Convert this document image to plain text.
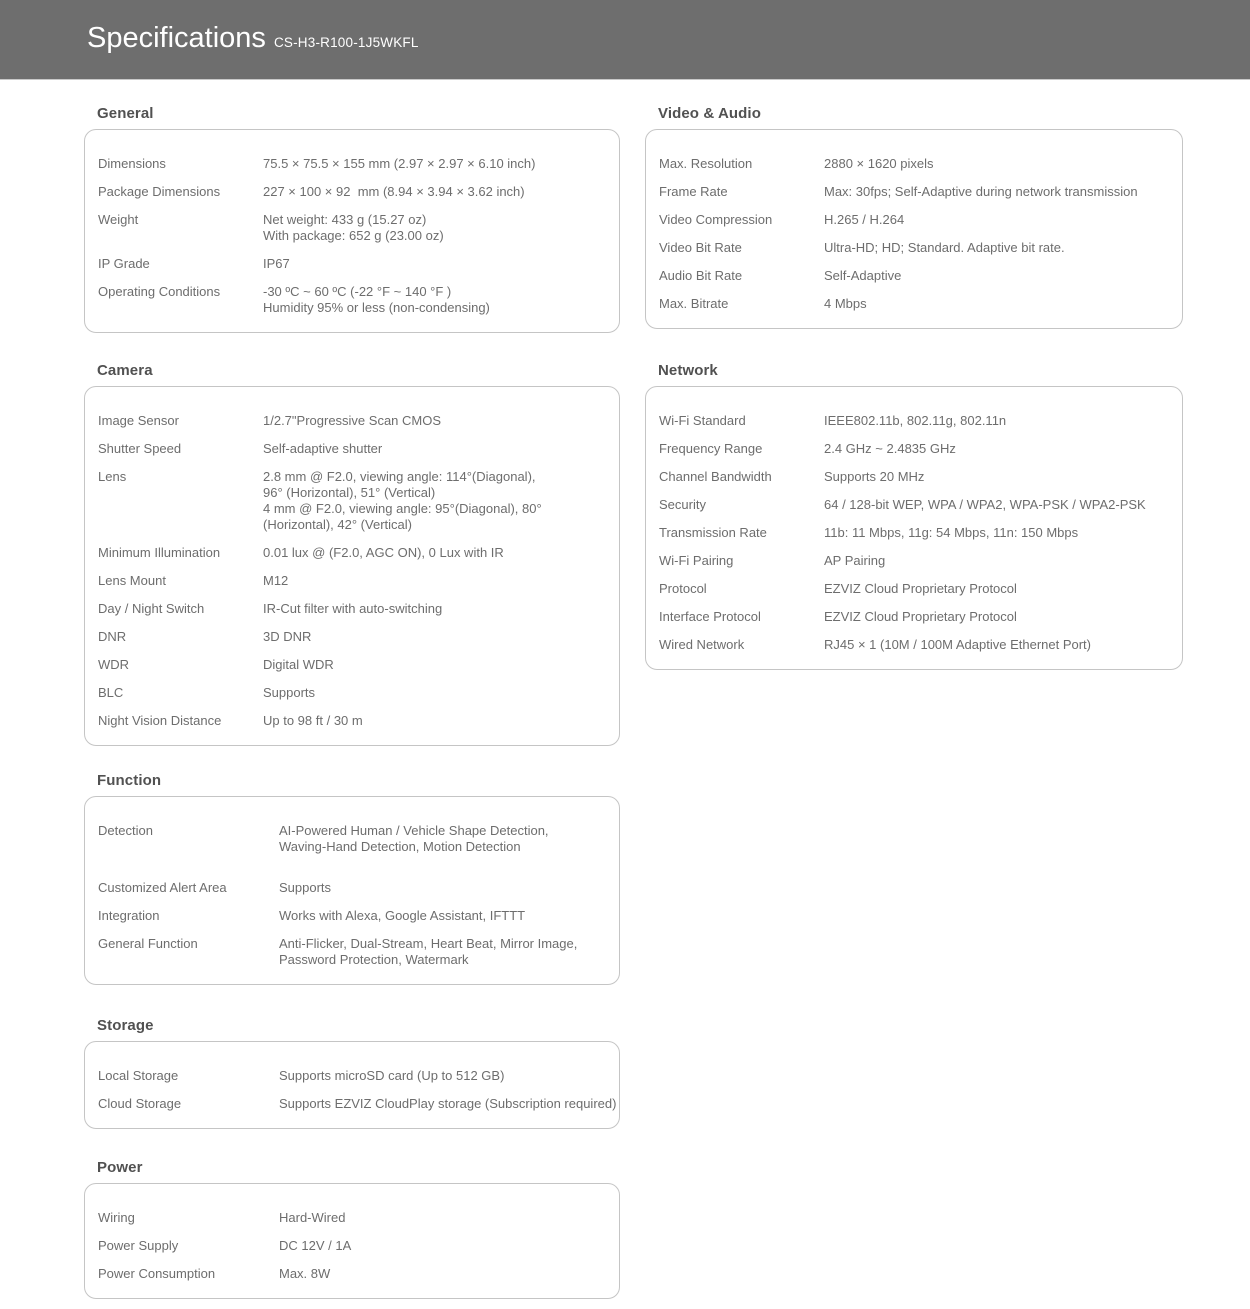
Specifications CS-H3-R100-1J5WKFL
General
Dimensions	75.5 × 75.5 × 155 mm (2.97 × 2.97 × 6.10 inch)
Package Dimensions	227 × 100 × 92  mm (8.94 × 3.94 × 3.62 inch)
Weight	Net weight: 433 g (15.27 oz)
With package: 652 g (23.00 oz)
IP Grade	IP67
Operating Conditions	-30 ºC ~ 60 ºC (-22 °F ~ 140 °F )
Humidity 95% or less (non-condensing)
Video & Audio
Max. Resolution	2880 × 1620 pixels
Frame Rate	Max: 30fps; Self-Adaptive during network transmission
Video Compression	H.265 / H.264
Video Bit Rate	Ultra-HD; HD; Standard. Adaptive bit rate.
Audio Bit Rate	Self-Adaptive
Max. Bitrate	4 Mbps
Camera
Image Sensor	1/2.7"Progressive Scan CMOS
Shutter Speed	Self-adaptive shutter
Lens	2.8 mm @ F2.0, viewing angle: 114°(Diagonal),
96° (Horizontal), 51° (Vertical)
4 mm @ F2.0, viewing angle: 95°(Diagonal), 80°
(Horizontal), 42° (Vertical)
Minimum Illumination	0.01 lux @ (F2.0, AGC ON), 0 Lux with IR
Lens Mount	M12
Day / Night Switch	IR-Cut filter with auto-switching
DNR	3D DNR
WDR	Digital WDR
BLC	Supports
Night Vision Distance	Up to 98 ft / 30 m
Network
Wi-Fi Standard	IEEE802.11b, 802.11g, 802.11n
Frequency Range	2.4 GHz ~ 2.4835 GHz
Channel Bandwidth	Supports 20 MHz
Security	64 / 128-bit WEP, WPA / WPA2, WPA-PSK / WPA2-PSK
Transmission Rate	11b: 11 Mbps, 11g: 54 Mbps, 11n: 150 Mbps
Wi-Fi Pairing	AP Pairing
Protocol	EZVIZ Cloud Proprietary Protocol
Interface Protocol	EZVIZ Cloud Proprietary Protocol
Wired Network	RJ45 × 1 (10M / 100M Adaptive Ethernet Port)
Function
Detection	AI-Powered Human / Vehicle Shape Detection,
Waving-Hand Detection, Motion Detection
Customized Alert Area	Supports
Integration	Works with Alexa, Google Assistant, IFTTT
General Function	Anti-Flicker, Dual-Stream, Heart Beat, Mirror Image,
Password Protection, Watermark
Storage
Local Storage	Supports microSD card (Up to 512 GB)
Cloud Storage	Supports EZVIZ CloudPlay storage (Subscription required)
Power
Wiring	Hard-Wired
Power Supply	DC 12V / 1A
Power Consumption	Max. 8W
